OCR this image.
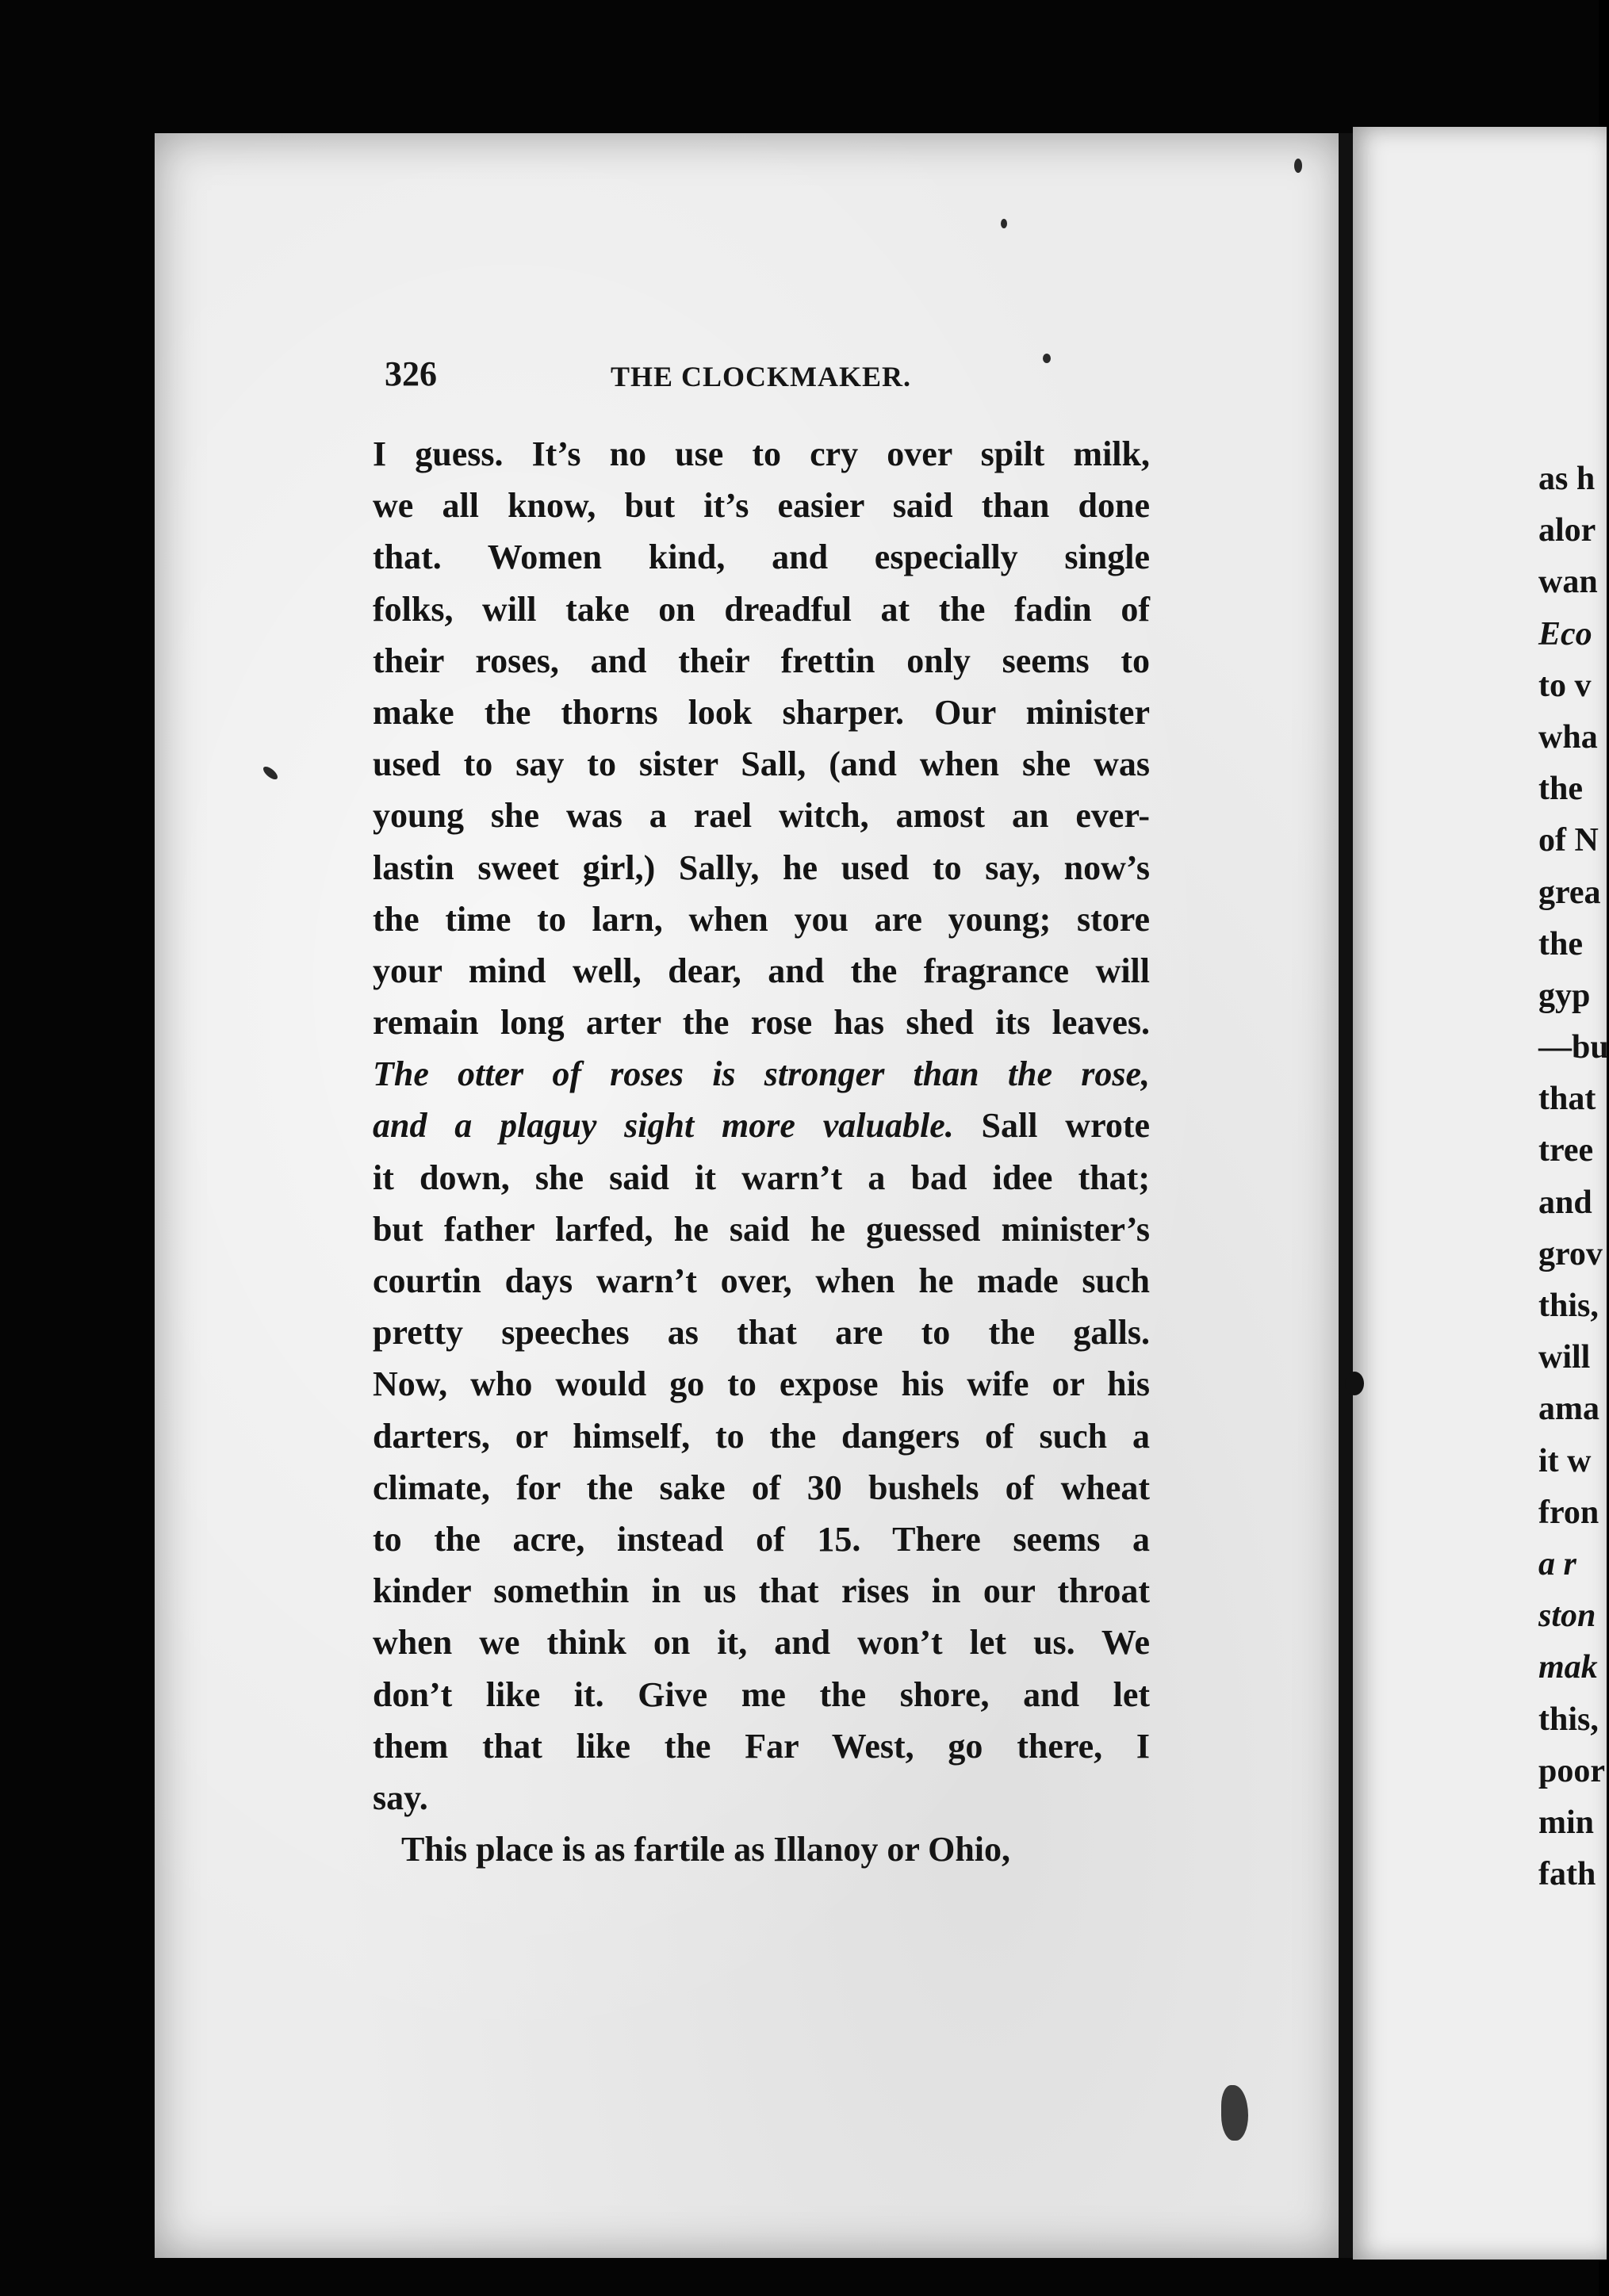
326	THE CLOCKMAKER.
I guess. It’s no use to cry over spilt milk,
we all know, but it’s easier said than done
that. Women kind, and especially single
folks, will take on dreadful at the fadin of
their roses, and their frettin only seems to
make the thorns look sharper. Our minister
used to say to sister Sall, (and when she was
young she was a rael witch, amost an ever-
lastin sweet girl,) Sally, he used to say, now’s
the time to larn, when you are young; store
your mind well, dear, and the fragrance will
remain long arter the rose has shed its leaves.
The otter of roses is stronger than the rose,
and a plaguy sight more valuable. Sall wrote
it down, she said it warn’t a bad idee that;
but father larfed, he said he guessed minister’s
courtin days warn’t over, when he made such
pretty speeches as that are to the galls.
Now, who would go to expose his wife or his
darters, or himself, to the dangers of such a
climate, for the sake of 30 bushels of wheat
to the acre, instead of 15. There seems a
kinder somethin in us that rises in our throat
when we think on it, and won’t let us. We
don’t like it. Give me the shore, and let
them that like the Far West, go there, I
say.
This place is as fartile as Illanoy or Ohio,
as h
alor
wan
Eco
to v
wha
the
of N
grea
the
gyp
—bu
that
tree
and
grov
this,
will
ama
it w
fron
a r
ston
mak
this,
poor
min
fath
